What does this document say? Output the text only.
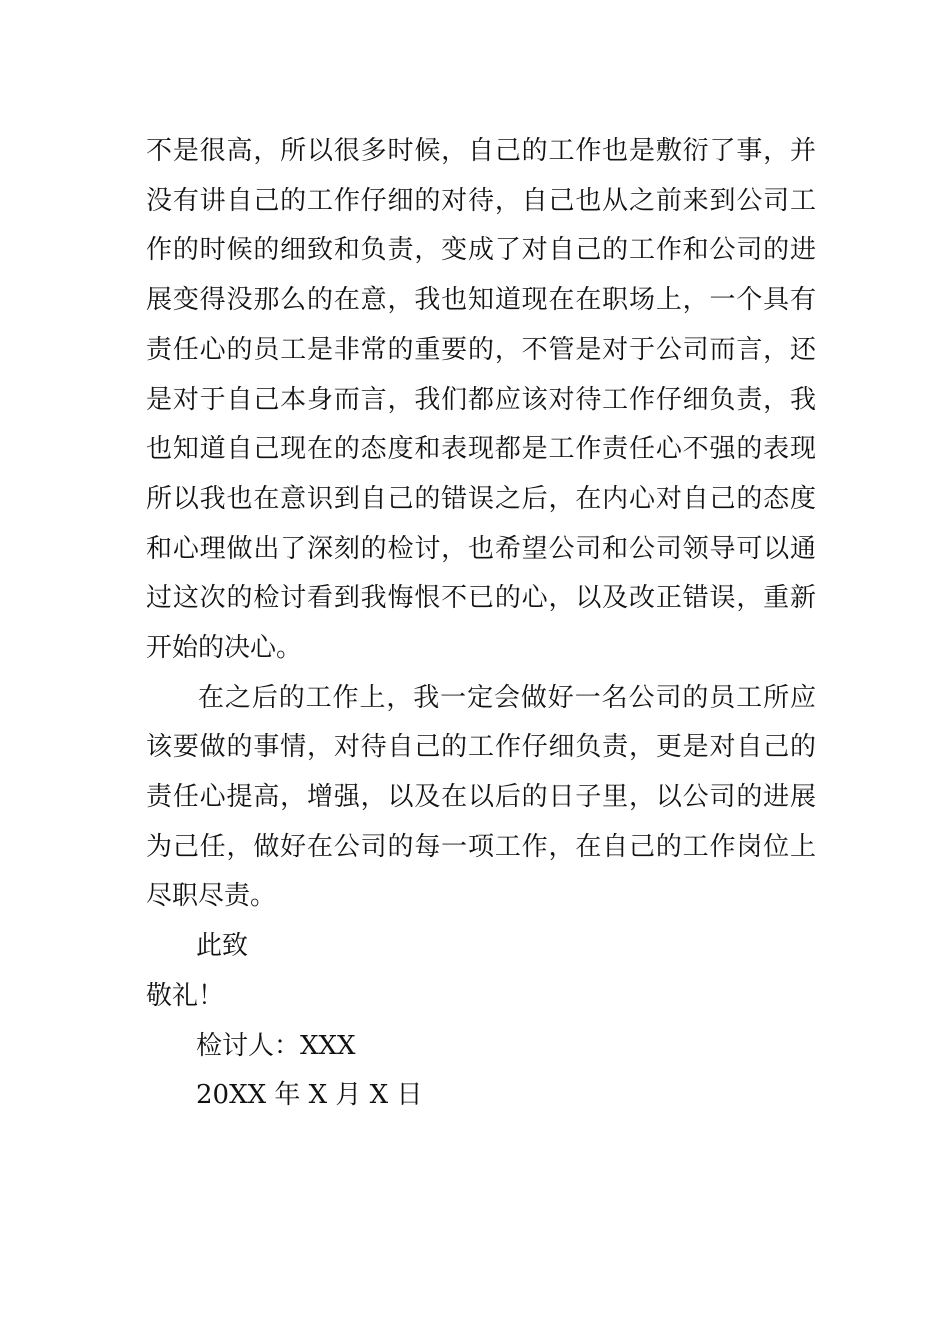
不是很高，所以很多时候，自己的工作也是敷衍了事，并
没有讲自己的工作仔细的对待，自己也从之前来到公司工
作的时候的细致和负责，变成了对自己的工作和公司的进
展变得没那么的在意，我也知道现在在职场上，一个具有
责任心的员工是非常的重要的，不管是对于公司而言，还
是对于自己本身而言，我们都应该对待工作仔细负责，我
也知道自己现在的态度和表现都是工作责任心不强的表现
所以我也在意识到自己的错误之后，在内心对自己的态度
和心理做出了深刻的检讨，也希望公司和公司领导可以通
过这次的检讨看到我悔恨不已的心，以及改正错误，重新
开始的决心。
在之后的工作上，我一定会做好一名公司的员工所应
该要做的事情，对待自己的工作仔细负责，更是对自己的
责任心提高，增强，以及在以后的日子里，以公司的进展
为己任，做好在公司的每一项工作，在自己的工作岗位上
尽职尽责。
此致
敬礼！
检讨人：XXX
20XX 年 X 月 X 日
